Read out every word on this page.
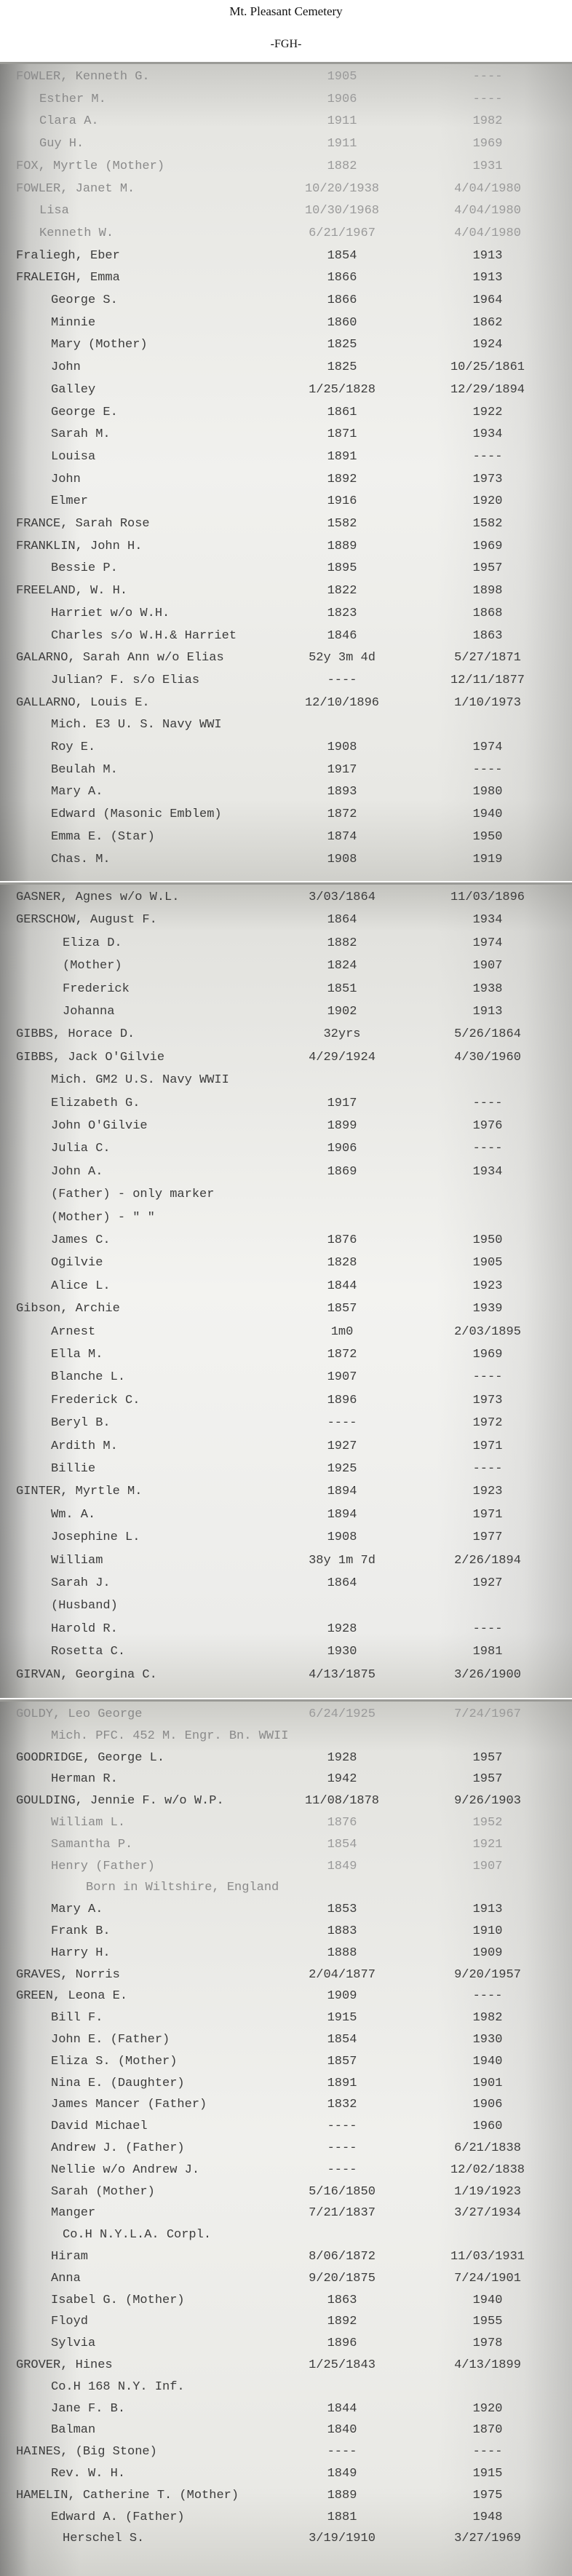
Mt. Pleasant Cemetery
-FGH-
FOWLER, Kenneth G.	1905	----
Esther M.	1906	----
Clara A.	1911	1982
Guy H.	1911	1969
FOX, Myrtle (Mother)	1882	1931
FOWLER, Janet M.	10/20/1938	4/04/1980
Lisa	10/30/1968	4/04/1980
Kenneth W.	6/21/1967	4/04/1980
Fraliegh, Eber	1854	1913
FRALEIGH, Emma	1866	1913
George S.	1866	1964
Minnie	1860	1862
Mary (Mother)	1825	1924
John	1825	10/25/1861
Galley	1/25/1828	12/29/1894
George E.	1861	1922
Sarah M.	1871	1934
Louisa	1891	----
John	1892	1973
Elmer	1916	1920
FRANCE, Sarah Rose	1582	1582
FRANKLIN, John H.	1889	1969
Bessie P.	1895	1957
FREELAND, W. H.	1822	1898
Harriet w/o W.H.	1823	1868
Charles s/o W.H.& Harriet	1846	1863
GALARNO, Sarah Ann w/o Elias	52y 3m 4d	5/27/1871
Julian? F. s/o Elias	----	12/11/1877
GALLARNO, Louis E.	12/10/1896	1/10/1973
Mich. E3 U. S. Navy WWI
Roy E.	1908	1974
Beulah M.	1917	----
Mary A.	1893	1980
Edward (Masonic Emblem)	1872	1940
Emma E. (Star)	1874	1950
Chas. M.	1908	1919
GASNER, Agnes w/o W.L.	3/03/1864	11/03/1896
GERSCHOW, August F.	1864	1934
Eliza D.	1882	1974
(Mother)	1824	1907
Frederick	1851	1938
Johanna	1902	1913
GIBBS, Horace D.	32yrs	5/26/1864
GIBBS, Jack O'Gilvie	4/29/1924	4/30/1960
Mich. GM2 U.S. Navy WWII
Elizabeth G.	1917	----
John O'Gilvie	1899	1976
Julia C.	1906	----
John A.	1869	1934
(Father) - only marker
(Mother) - " "
James C.	1876	1950
Ogilvie	1828	1905
Alice L.	1844	1923
Gibson, Archie	1857	1939
Arnest	1m0	2/03/1895
Ella M.	1872	1969
Blanche L.	1907	----
Frederick C.	1896	1973
Beryl B.	----	1972
Ardith M.	1927	1971
Billie	1925	----
GINTER, Myrtle M.	1894	1923
Wm. A.	1894	1971
Josephine L.	1908	1977
William	38y 1m 7d	2/26/1894
Sarah J.	1864	1927
(Husband)
Harold R.	1928	----
Rosetta C.	1930	1981
GIRVAN, Georgina C.	4/13/1875	3/26/1900
GOLDY, Leo George	6/24/1925	7/24/1967
Mich. PFC. 452 M. Engr. Bn. WWII
GOODRIDGE, George L.	1928	1957
Herman R.	1942	1957
GOULDING, Jennie F. w/o W.P.	11/08/1878	9/26/1903
William L.	1876	1952
Samantha P.	1854	1921
Henry (Father)	1849	1907
Born in Wiltshire, England
Mary A.	1853	1913
Frank B.	1883	1910
Harry H.	1888	1909
GRAVES, Norris	2/04/1877	9/20/1957
GREEN, Leona E.	1909	----
Bill F.	1915	1982
John E. (Father)	1854	1930
Eliza S. (Mother)	1857	1940
Nina E. (Daughter)	1891	1901
James Mancer (Father)	1832	1906
David Michael	----	1960
Andrew J. (Father)	----	6/21/1838
Nellie w/o Andrew J.	----	12/02/1838
Sarah (Mother)	5/16/1850	1/19/1923
Manger	7/21/1837	3/27/1934
Co.H N.Y.L.A. Corpl.
Hiram	8/06/1872	11/03/1931
Anna	9/20/1875	7/24/1901
Isabel G. (Mother)	1863	1940
Floyd	1892	1955
Sylvia	1896	1978
GROVER, Hines	1/25/1843	4/13/1899
Co.H 168 N.Y. Inf.
Jane F. B.	1844	1920
Balman	1840	1870
HAINES, (Big Stone)	----	----
Rev. W. H.	1849	1915
HAMELIN, Catherine T. (Mother)	1889	1975
Edward A. (Father)	1881	1948
Herschel S.	3/19/1910	3/27/1969
